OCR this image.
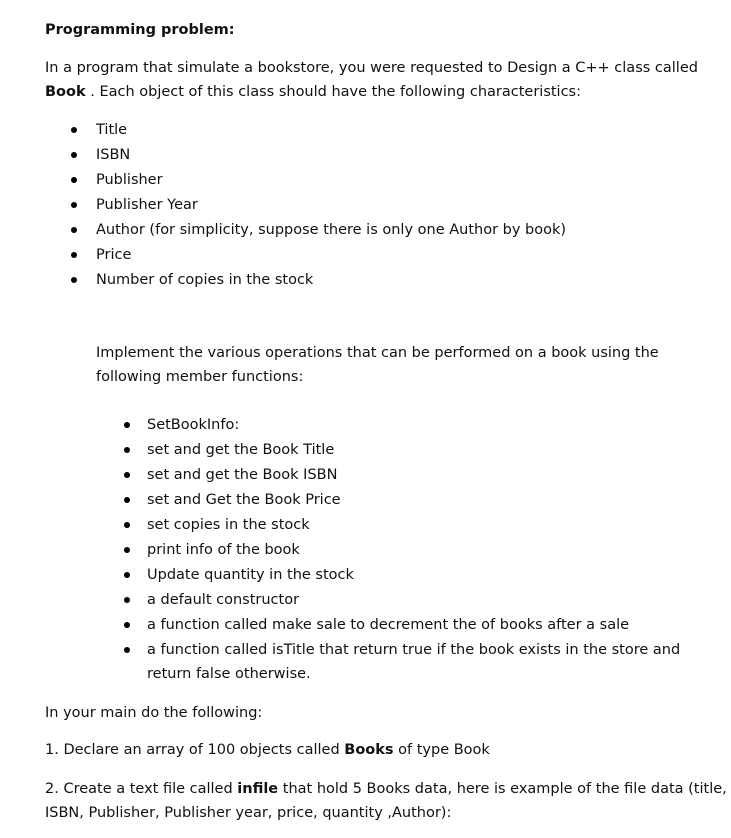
Programming problem:
In a program that simulate a bookstore, you were requested to Design a C++ class called
Book . Each object of this class should have the following characteristics:
Title
ISBN
Publisher
Publisher Year
Author (for simplicity, suppose there is only one Author by book)
Price
Number of copies in the stock
Implement the various operations that can be performed on a book using the
following member functions:
SetBookInfo:
set and get the Book Title
set and get the Book ISBN
set and Get the Book Price
set copies in the stock
print info of the book
Update quantity in the stock
a default constructor
a function called make sale to decrement the of books after a sale
a function called isTitle that return true if the book exists in the store and
return false otherwise.
In your main do the following:
1. Declare an array of 100 objects called Books of type Book
2. Create a text file called infile that hold 5 Books data, here is example of the file data (title,
ISBN, Publisher, Publisher year, price, quantity ,Author):
